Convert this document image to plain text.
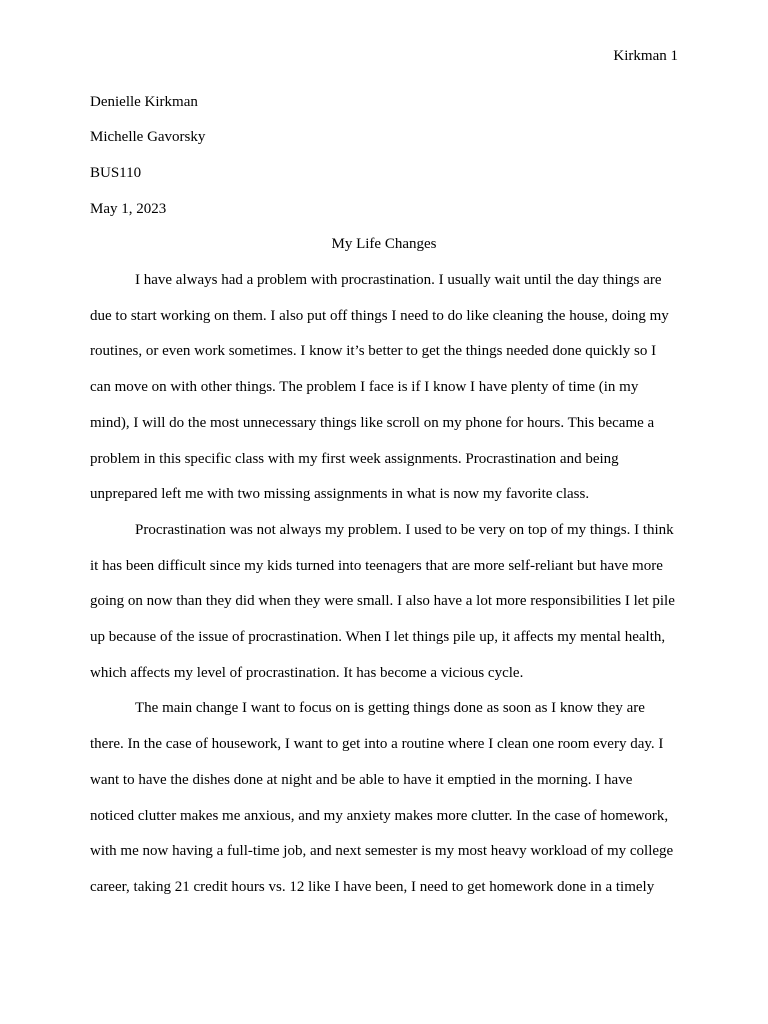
Kirkman 1

Denielle Kirkman

Michelle Gavorsky

BUS110

May 1, 2023

My Life Changes

I have always had a problem with procrastination. I usually wait until the day things are due to start working on them. I also put off things I need to do like cleaning the house, doing my routines, or even work sometimes. I know it’s better to get the things needed done quickly so I can move on with other things. The problem I face is if I know I have plenty of time (in my mind), I will do the most unnecessary things like scroll on my phone for hours. This became a problem in this specific class with my first week assignments. Procrastination and being unprepared left me with two missing assignments in what is now my favorite class.

Procrastination was not always my problem. I used to be very on top of my things. I think it has been difficult since my kids turned into teenagers that are more self-reliant but have more going on now than they did when they were small. I also have a lot more responsibilities I let pile up because of the issue of procrastination. When I let things pile up, it affects my mental health, which affects my level of procrastination. It has become a vicious cycle.

The main change I want to focus on is getting things done as soon as I know they are there. In the case of housework, I want to get into a routine where I clean one room every day. I want to have the dishes done at night and be able to have it emptied in the morning. I have noticed clutter makes me anxious, and my anxiety makes more clutter. In the case of homework, with me now having a full-time job, and next semester is my most heavy workload of my college career, taking 21 credit hours vs. 12 like I have been, I need to get homework done in a timely
